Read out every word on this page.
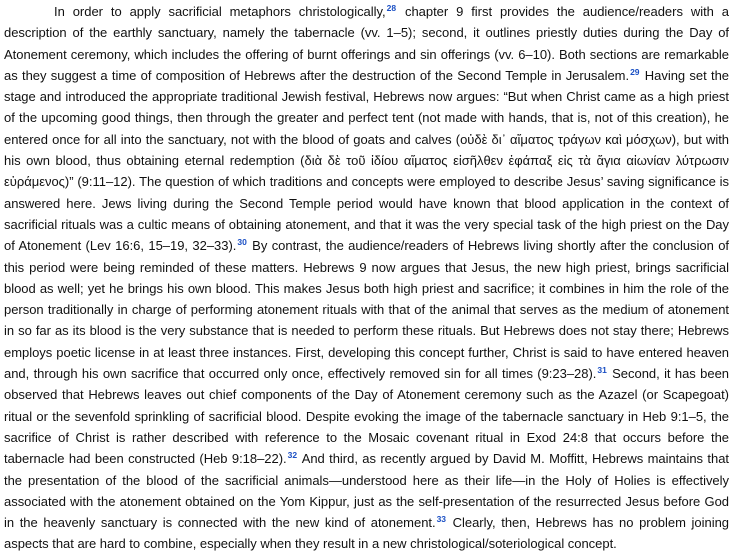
In order to apply sacrificial metaphors christologically,$^{28}$ chapter 9 first provides the audience/readers with a description of the earthly sanctuary, namely the tabernacle (vv. 1–5); second, it outlines priestly duties during the Day of Atonement ceremony, which includes the offering of burnt offerings and sin offerings (vv. 6–10). Both sections are remarkable as they suggest a time of composition of Hebrews after the destruction of the Second Temple in Jerusalem.$^{29}$ Having set the stage and introduced the appropriate traditional Jewish festival, Hebrews now argues: “But when Christ came as a high priest of the upcoming good things, then through the greater and perfect tent (not made with hands, that is, not of this creation), he entered once for all into the sanctuary, not with the blood of goats and calves (οὐδὲ δι᾽ αἵματος τράγων καὶ μόσχων), but with his own blood, thus obtaining eternal redemption (διὰ δὲ τοῦ ἰδίου αἵματος εἰσῆλθεν ἐφάπαξ εἰς τὰ ἅγια αἰωνίαν λύτρωσιν εὑράμενος)” (9:11–12). The question of which traditions and concepts were employed to describe Jesus’ saving significance is answered here. Jews living during the Second Temple period would have known that blood application in the context of sacrificial rituals was a cultic means of obtaining atonement, and that it was the very special task of the high priest on the Day of Atonement (Lev 16:6, 15–19, 32–33).$^{30}$ By contrast, the audience/readers of Hebrews living shortly after the conclusion of this period were being reminded of these matters. Hebrews 9 now argues that Jesus, the new high priest, brings sacrificial blood as well; yet he brings his own blood. This makes Jesus both high priest and sacrifice; it combines in him the role of the person traditionally in charge of performing atonement rituals with that of the animal that serves as the medium of atonement in so far as its blood is the very substance that is needed to perform these rituals. But Hebrews does not stay there; Hebrews employs poetic license in at least three instances. First, developing this concept further, Christ is said to have entered heaven and, through his own sacrifice that occurred only once, effectively removed sin for all times (9:23–28).$^{31}$ Second, it has been observed that Hebrews leaves out chief components of the Day of Atonement ceremony such as the Azazel (or Scapegoat) ritual or the sevenfold sprinkling of sacrificial blood. Despite evoking the image of the tabernacle sanctuary in Heb 9:1–5, the sacrifice of Christ is rather described with reference to the Mosaic covenant ritual in Exod 24:8 that occurs before the tabernacle had been constructed (Heb 9:18–22).$^{32}$ And third, as recently argued by David M. Moffitt, Hebrews maintains that the presentation of the blood of the sacrificial animals—understood here as their life—in the Holy of Holies is effectively associated with the atonement obtained on the Yom Kippur, just as the self-presentation of the resurrected Jesus before God in the heavenly sanctuary is connected with the new kind of atonement.$^{33}$ Clearly, then, Hebrews has no problem joining aspects that are hard to combine, especially when they result in a new christological/soteriological concept.
